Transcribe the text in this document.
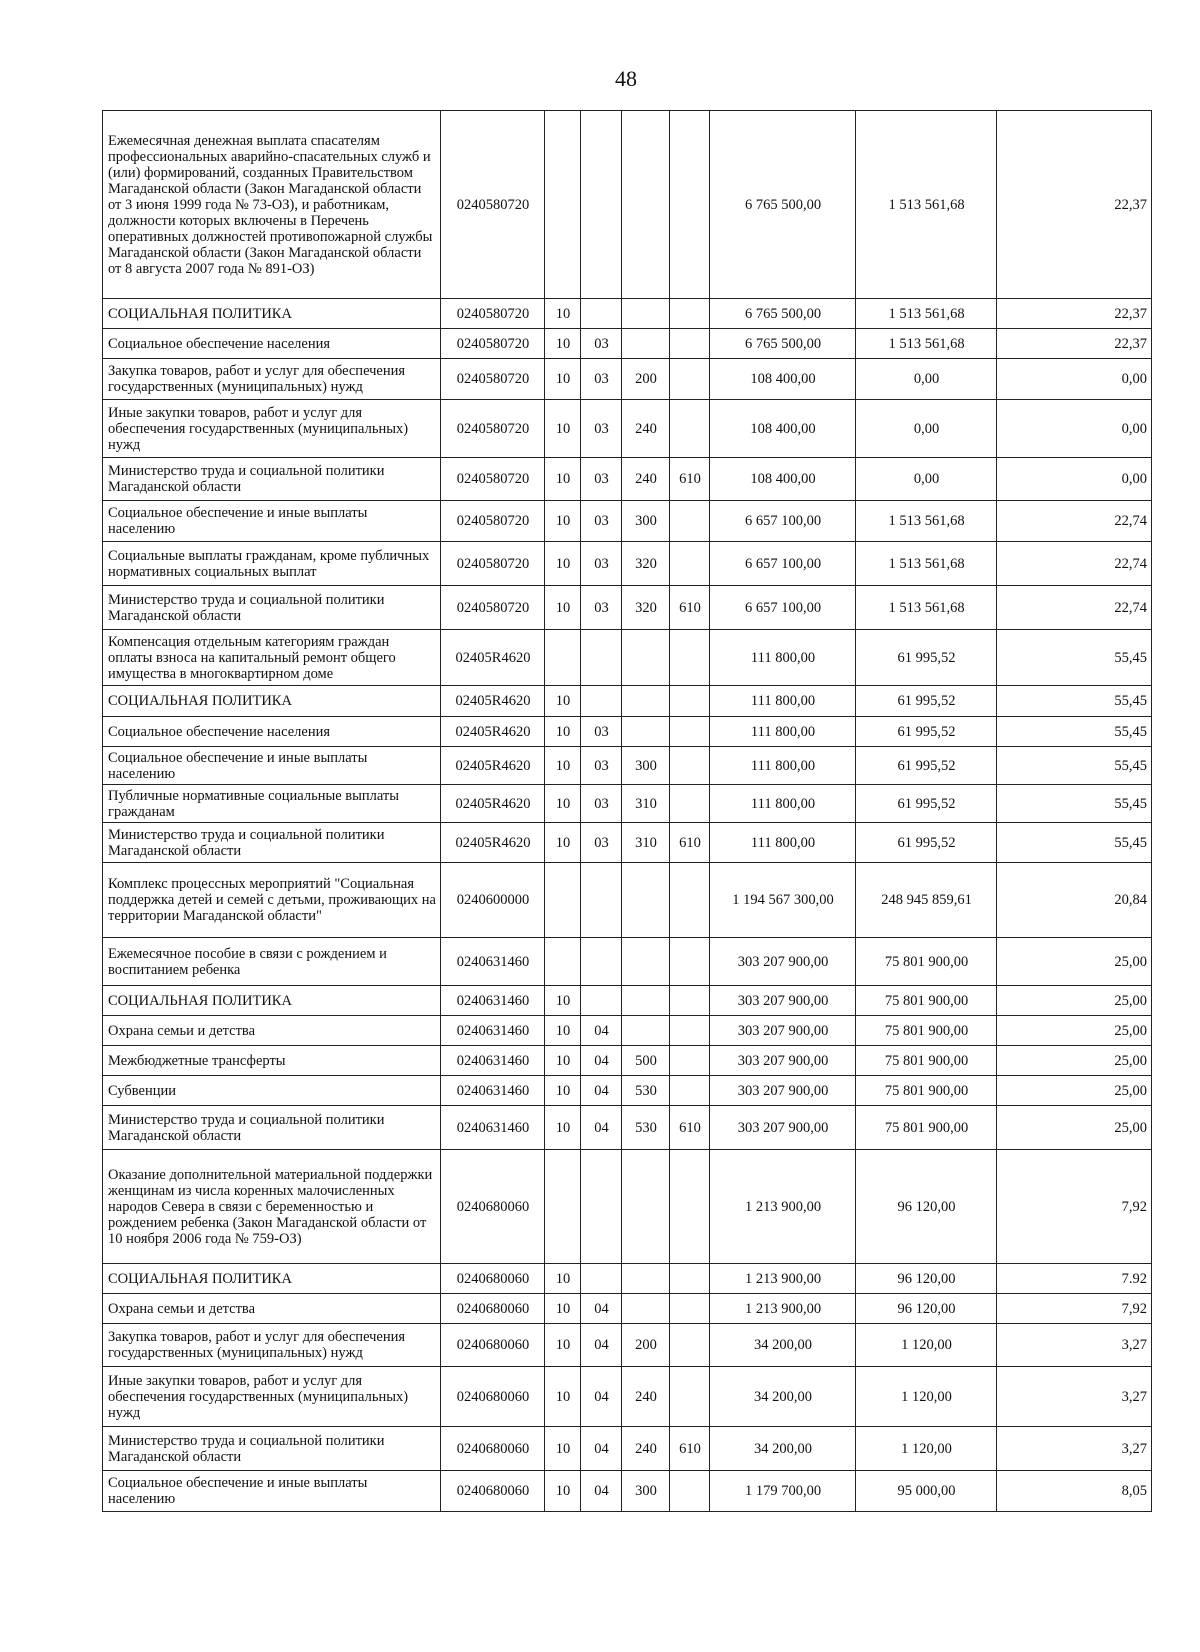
48
Ежемесячная денежная выплата спасателям профессиональных аварийно-спасательных служб и (или) формирований, созданных Правительством Магаданской области (Закон Магаданской области от 3 июня 1999 года № 73-ОЗ), и работникам, должности которых включены в Перечень оперативных должностей противопожарной службы Магаданской области (Закон Магаданской области от 8 августа 2007 года № 891-ОЗ)	0240580720					6 765 500,00	1 513 561,68	22,37
СОЦИАЛЬНАЯ ПОЛИТИКА	0240580720	10				6 765 500,00	1 513 561,68	22,37
Социальное обеспечение населения	0240580720	10	03			6 765 500,00	1 513 561,68	22,37
Закупка товаров, работ и услуг для обеспечения государственных (муниципальных) нужд	0240580720	10	03	200		108 400,00	0,00	0,00
Иные закупки товаров, работ и услуг для обеспечения государственных (муниципальных) нужд	0240580720	10	03	240		108 400,00	0,00	0,00
Министерство труда и социальной политики Магаданской области	0240580720	10	03	240	610	108 400,00	0,00	0,00
Социальное обеспечение и иные выплаты населению	0240580720	10	03	300		6 657 100,00	1 513 561,68	22,74
Социальные выплаты гражданам, кроме публичных нормативных социальных выплат	0240580720	10	03	320		6 657 100,00	1 513 561,68	22,74
Министерство труда и социальной политики Магаданской области	0240580720	10	03	320	610	6 657 100,00	1 513 561,68	22,74
Компенсация отдельным категориям граждан оплаты взноса на капитальный ремонт общего имущества в многоквартирном доме	02405R4620					111 800,00	61 995,52	55,45
СОЦИАЛЬНАЯ ПОЛИТИКА	02405R4620	10				111 800,00	61 995,52	55,45
Социальное обеспечение населения	02405R4620	10	03			111 800,00	61 995,52	55,45
Социальное обеспечение и иные выплаты населению	02405R4620	10	03	300		111 800,00	61 995,52	55,45
Публичные нормативные социальные выплаты гражданам	02405R4620	10	03	310		111 800,00	61 995,52	55,45
Министерство труда и социальной политики Магаданской области	02405R4620	10	03	310	610	111 800,00	61 995,52	55,45
Комплекс процессных мероприятий "Социальная поддержка детей и семей с детьми, проживающих на территории Магаданской области"	0240600000					1 194 567 300,00	248 945 859,61	20,84
Ежемесячное пособие в связи с рождением и воспитанием ребенка	0240631460					303 207 900,00	75 801 900,00	25,00
СОЦИАЛЬНАЯ ПОЛИТИКА	0240631460	10				303 207 900,00	75 801 900,00	25,00
Охрана семьи и детства	0240631460	10	04			303 207 900,00	75 801 900,00	25,00
Межбюджетные трансферты	0240631460	10	04	500		303 207 900,00	75 801 900,00	25,00
Субвенции	0240631460	10	04	530		303 207 900,00	75 801 900,00	25,00
Министерство труда и социальной политики Магаданской области	0240631460	10	04	530	610	303 207 900,00	75 801 900,00	25,00
Оказание дополнительной материальной поддержки женщинам из числа коренных малочисленных народов Севера в связи с беременностью и рождением ребенка (Закон Магаданской области от 10 ноября 2006 года № 759-ОЗ)	0240680060					1 213 900,00	96 120,00	7,92
СОЦИАЛЬНАЯ ПОЛИТИКА	0240680060	10				1 213 900,00	96 120,00	7.92
Охрана семьи и детства	0240680060	10	04			1 213 900,00	96 120,00	7,92
Закупка товаров, работ и услуг для обеспечения государственных (муниципальных) нужд	0240680060	10	04	200		34 200,00	1 120,00	3,27
Иные закупки товаров, работ и услуг для обеспечения государственных (муниципальных) нужд	0240680060	10	04	240		34 200,00	1 120,00	3,27
Министерство труда и социальной политики Магаданской области	0240680060	10	04	240	610	34 200,00	1 120,00	3,27
Социальное обеспечение и иные выплаты населению	0240680060	10	04	300		1 179 700,00	95 000,00	8,05
